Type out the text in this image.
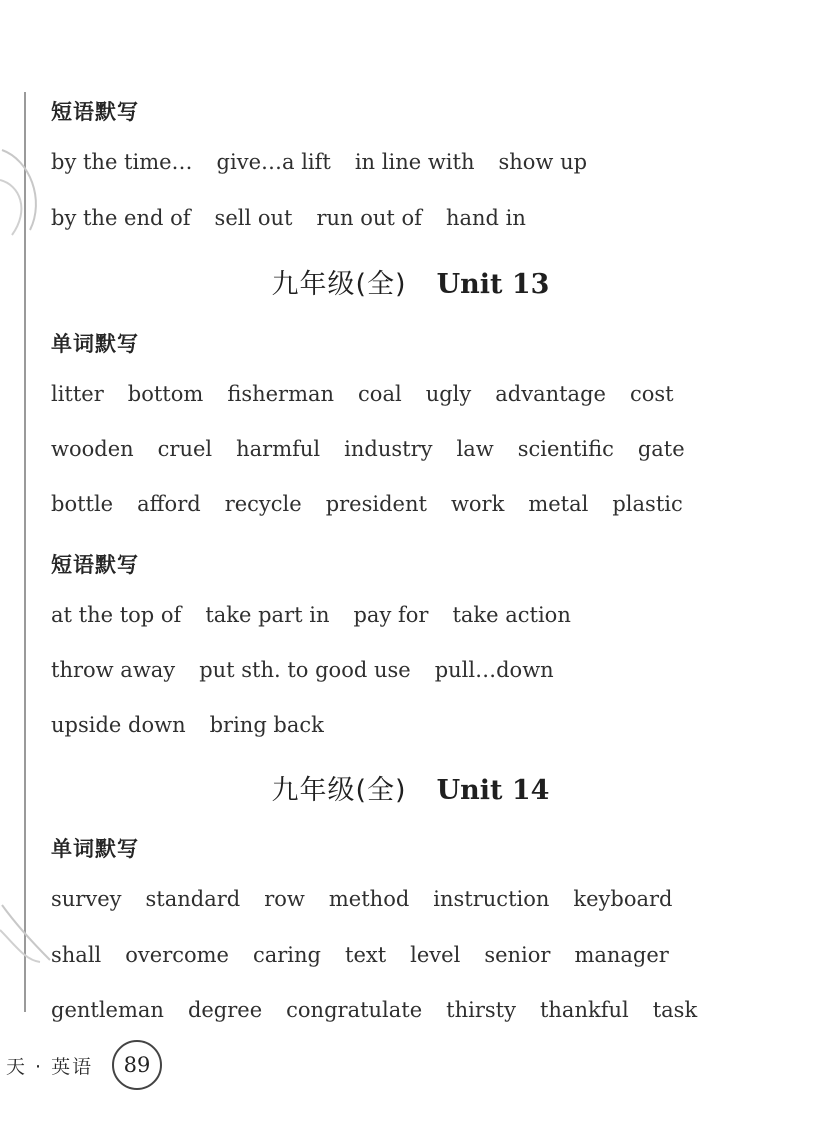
短语默写
by the time… give…a lift in line with show up
by the end of sell out run out of hand in
九年级(全) Unit 13
单词默写
litter bottom fisherman coal ugly advantage cost
wooden cruel harmful industry law scientific gate
bottle afford recycle president work metal plastic
短语默写
at the top of take part in pay for take action
throw away put sth. to good use pull…down
upside down bring back
九年级(全) Unit 14
单词默写
survey standard row method instruction keyboard
shall overcome caring text level senior manager
gentleman degree congratulate thirsty thankful task
天 · 英语	89
